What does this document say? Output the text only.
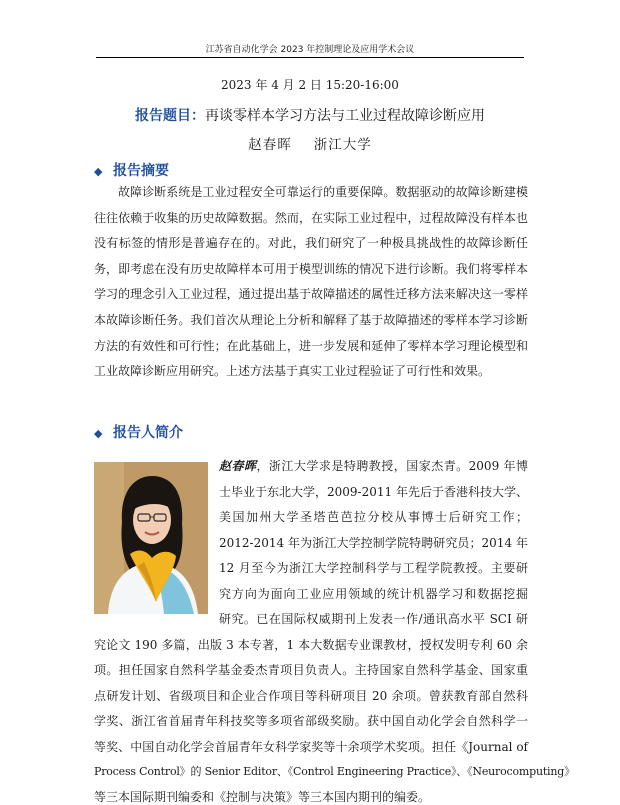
江苏省自动化学会 2023 年控制理论及应用学术会议
2023 年 4 月 2 日 15:20-16:00
报告题目：再谈零样本学习方法与工业过程故障诊断应用
赵春晖 浙江大学
◆ 报告摘要

故障诊断系统是工业过程安全可靠运行的重要保障。数据驱动的故障诊断建模往往依赖于收集的历史故障数据。然而，在实际工业过程中，过程故障没有样本也没有标签的情形是普遍存在的。对此，我们研究了一种极具挑战性的故障诊断任务，即考虑在没有历史故障样本可用于模型训练的情况下进行诊断。我们将零样本学习的理念引入工业过程，通过提出基于故障描述的属性迁移方法来解决这一零样本故障诊断任务。我们首次从理论上分析和解释了基于故障描述的零样本学习诊断方法的有效性和可行性；在此基础上，进一步发展和延伸了零样本学习理论模型和工业故障诊断应用研究。上述方法基于真实工业过程验证了可行性和效果。

◆ 报告人简介
赵春晖，浙江大学求是特聘教授，国家杰青。2009 年博
士毕业于东北大学，2009-2011 年先后于香港科技大学、
美国加州大学圣塔芭芭拉分校从事博士后研究工作；
2012-2014 年为浙江大学控制学院特聘研究员；2014 年
12 月至今为浙江大学控制科学与工程学院教授。主要研
究方向为面向工业应用领域的统计机器学习和数据挖掘
研究。已在国际权威期刊上发表一作/通讯高水平 SCI 研
究论文 190 多篇，出版 3 本专著，1 本大数据专业课教材，授权发明专利 60 余
项。担任国家自然科学基金委杰青项目负责人。主持国家自然科学基金、国家重
点研发计划、省级项目和企业合作项目等科研项目 20 余项。曾获教育部自然科
学奖、浙江省首届青年科技奖等多项省部级奖励。获中国自动化学会自然科学一
等奖、中国自动化学会首届青年女科学家奖等十余项学术奖项。担任《Journal of
Process Control》的 Senior Editor、《Control Engineering Practice》、《Neurocomputing》
等三本国际期刊编委和《控制与决策》等三本国内期刊的编委。
